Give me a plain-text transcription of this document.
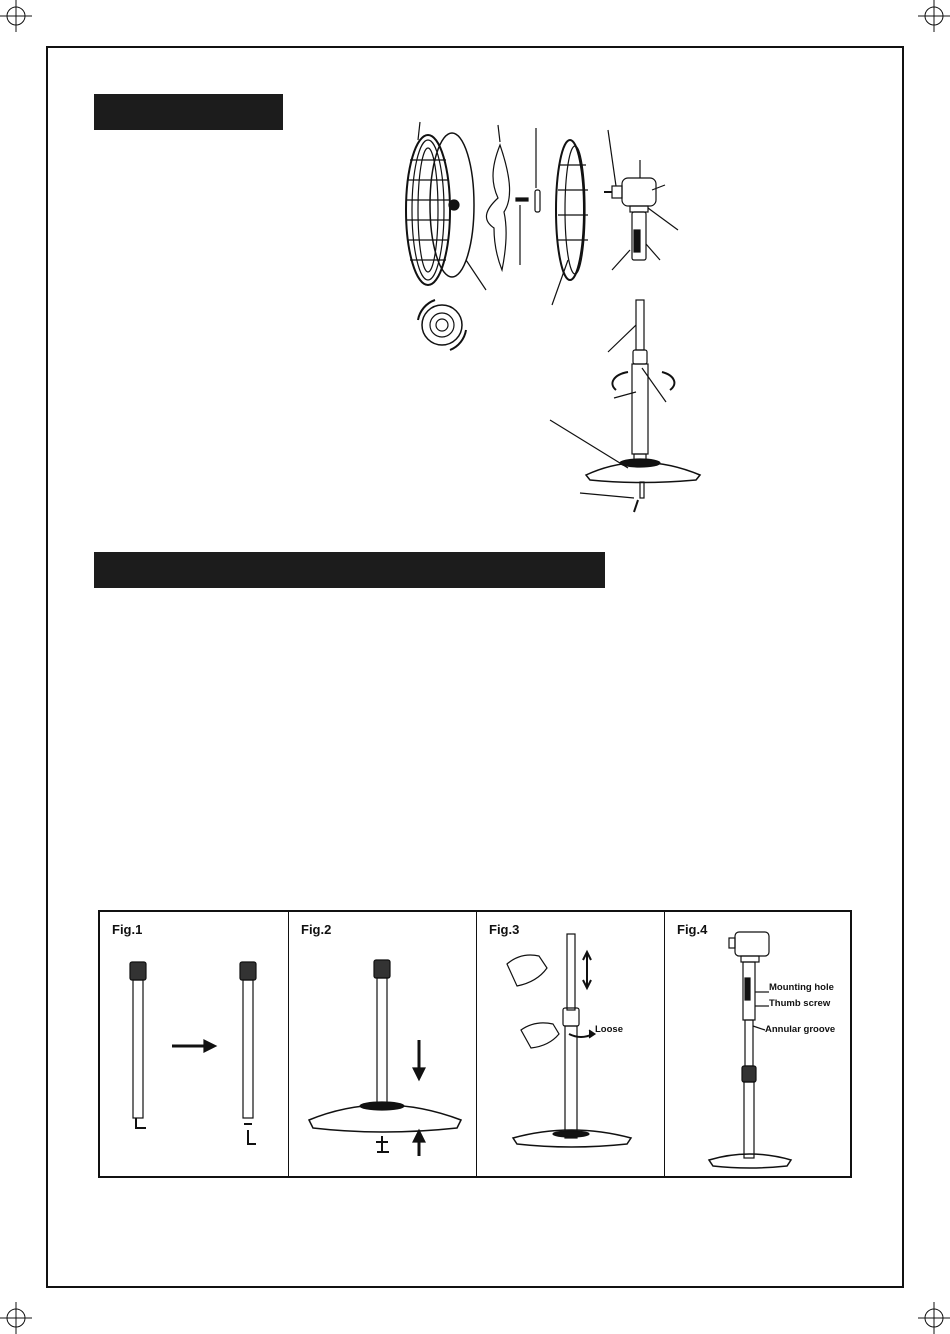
Fig.1	Fig.2	Fig.3
Loose
Fig.4
Mounting hole
Thumb screw
Annular groove
